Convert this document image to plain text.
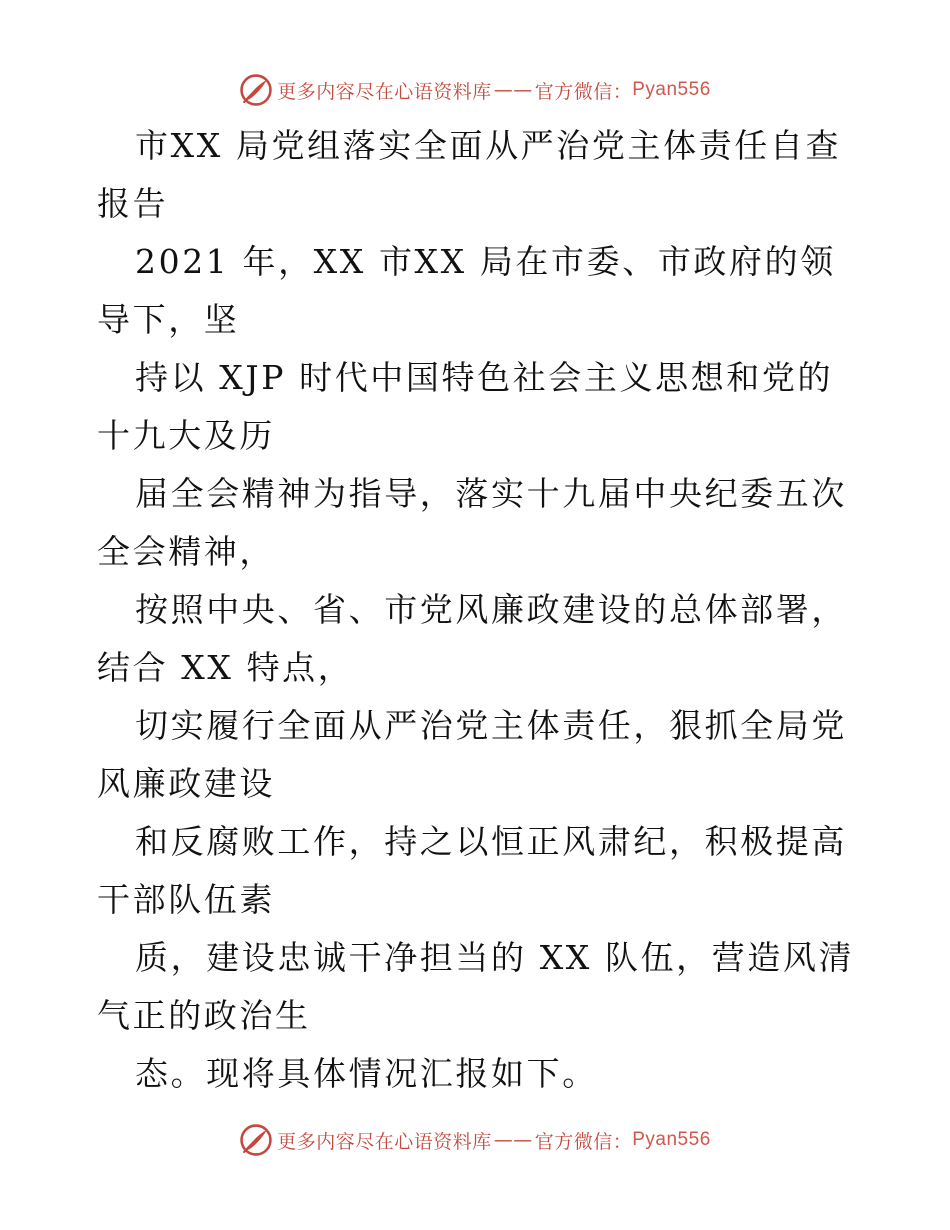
更多内容尽在心语资料库 —— 官方微信： Pyan556

市XX 局党组落实全面从严治党主体责任自查报告

2021 年，XX 市XX 局在市委、市政府的领导下，坚

持以 XJP 时代中国特色社会主义思想和党的十九大及历

届全会精神为指导，落实十九届中央纪委五次全会精神，

按照中央、省、市党风廉政建设的总体部署，结合 XX 特点，

切实履行全面从严治党主体责任，狠抓全局党风廉政建设

和反腐败工作，持之以恒正风肃纪，积极提高干部队伍素

质，建设忠诚干净担当的 XX 队伍，营造风清气正的政治生

态。现将具体情况汇报如下。

更多内容尽在心语资料库 —— 官方微信： Pyan556
